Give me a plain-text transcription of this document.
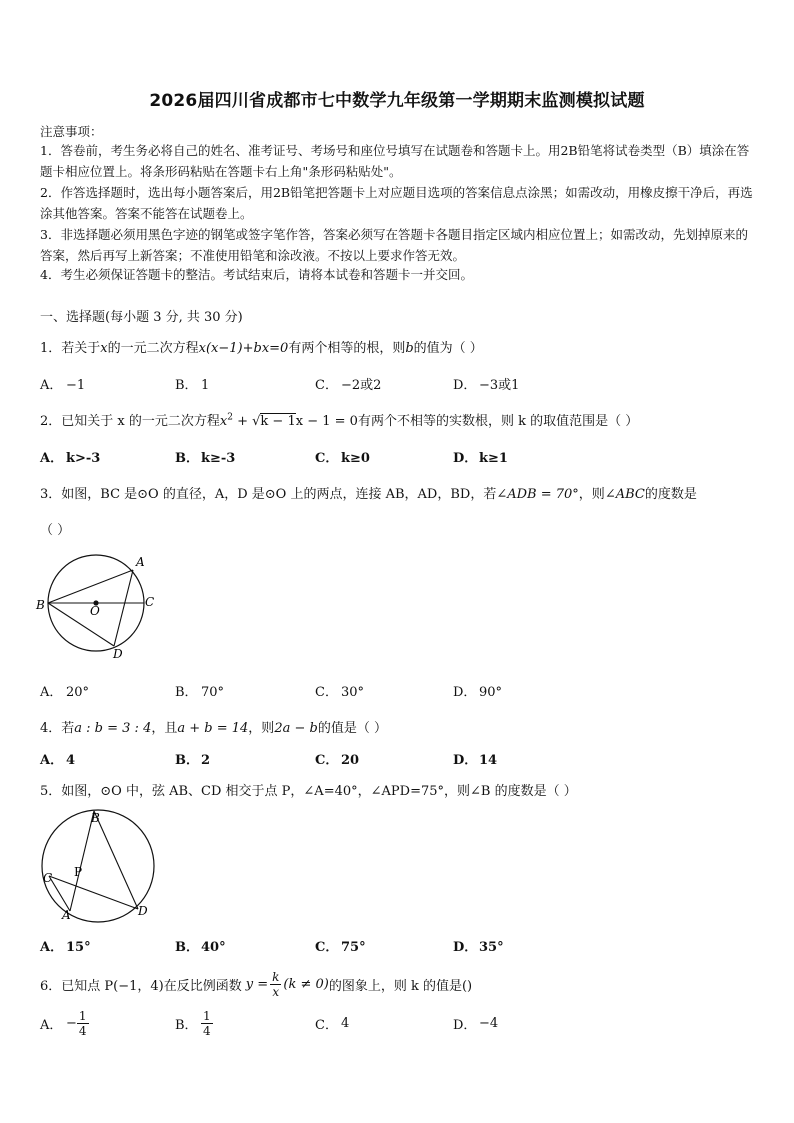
2026届四川省成都市七中数学九年级第一学期期末监测模拟试题
注意事项：
1．答卷前，考生务必将自己的姓名、准考证号、考场号和座位号填写在试题卷和答题卡上。用2B铅笔将试卷类型（B）填涂在答题卡相应位置上。将条形码粘贴在答题卡右上角"条形码粘贴处"。
2．作答选择题时，选出每小题答案后，用2B铅笔把答题卡上对应题目选项的答案信息点涂黑；如需改动，用橡皮擦干净后，再选涂其他答案。答案不能答在试题卷上。
3．非选择题必须用黑色字迹的钢笔或签字笔作答，答案必须写在答题卡各题目指定区域内相应位置上；如需改动，先划掉原来的答案，然后再写上新答案；不准使用铅笔和涂改液。不按以上要求作答无效。
4．考生必须保证答题卡的整洁。考试结束后，请将本试卷和答题卡一并交回。
一、选择题(每小题 3 分, 共 30 分)
1．若关于x的一元二次方程x(x−1)+bx=0有两个相等的根，则b的值为（ ）
A． −1	B． 1	C． −2或2	D． −3或1
2．已知关于 x 的一元二次方程$x^2 + √k - 1x - 1 = 0$有两个不相等的实数根，则 k 的取值范围是（ ）
A． k>-3	B． k≥-3	C． k≥0	D． k≥1
3．如图，BC 是⊙O 的直径，A，D 是⊙O 上的两点，连接 AB，AD，BD，若∠ADB = 70°，则∠ABC的度数是
（ ）
A
B	C
D
O
A． 20°	B． 70°	C． 30°	D． 90°
4．若a : b = 3 : 4，且a + b = 14，则2a − b的值是（ ）
A． 4	B． 2	C． 20	D． 14
5．如图，⊙O 中，弦 AB、CD 相交于点 P，∠A=40°，∠APD=75°，则∠B 的度数是（ ）
B
C
A	D
P
A． 15°	B． 40°	C． 75°	D． 35°
6．已知点 P(−1，4)在反比例函数 $y = \frac{k}{x} (k \ne 0)$ 的图象上，则 k 的值是()
A． − $\frac{1}{4}$	B． $\frac{1}{4}$	C． 4	D． −4
